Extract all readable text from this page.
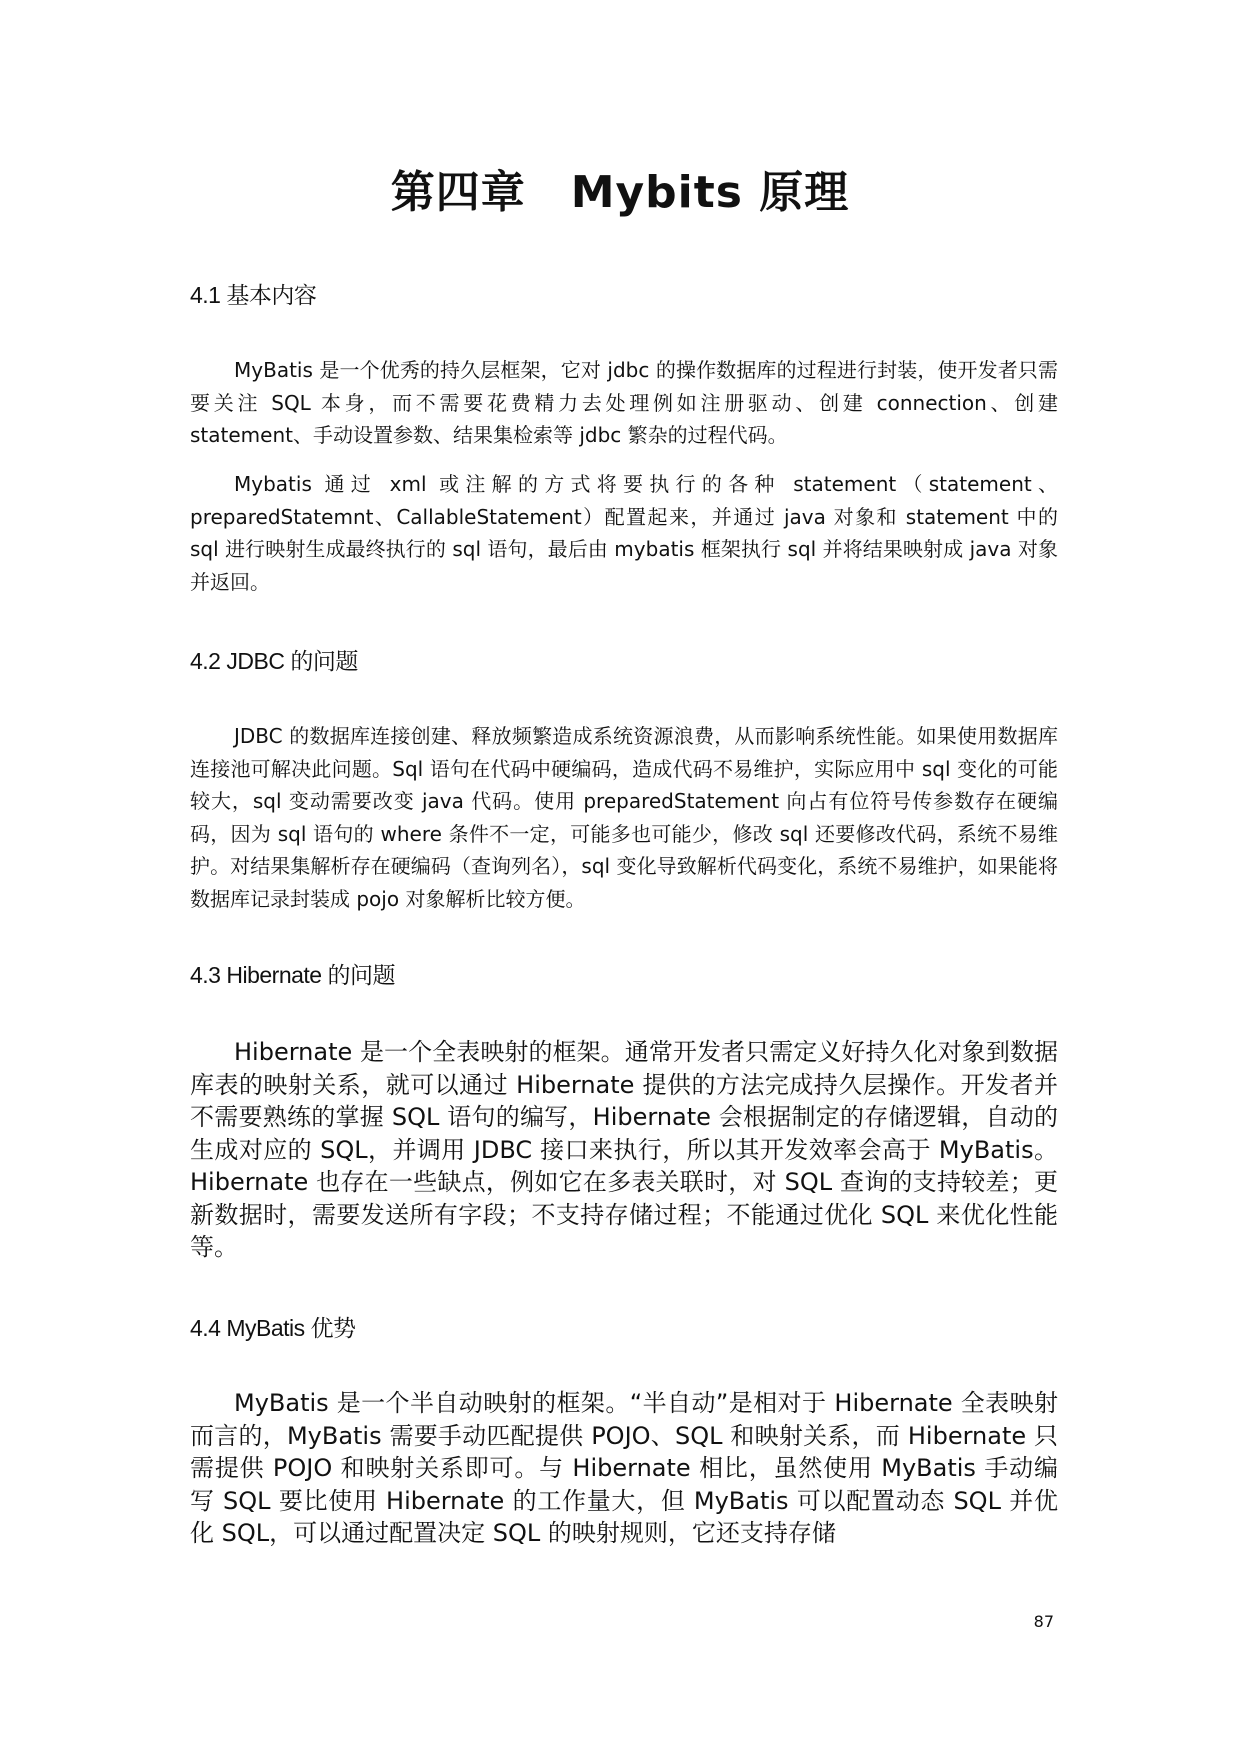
第四章　Mybits 原理
4.1 基本内容

MyBatis 是一个优秀的持久层框架，它对 jdbc 的操作数据库的过程进行封装，使开发者只需要关注 SQL 本身，而不需要花费精力去处理例如注册驱动、创建 connection、创建 statement、手动设置参数、结果集检索等 jdbc 繁杂的过程代码。

Mybatis 通过 xml 或注解的方式将要执行的各种 statement（statement、preparedStatemnt、CallableStatement）配置起来，并通过 java 对象和 statement 中的 sql 进行映射生成最终执行的 sql 语句，最后由 mybatis 框架执行 sql 并将结果映射成 java 对象并返回。

4.2 JDBC 的问题

JDBC 的数据库连接创建、释放频繁造成系统资源浪费，从而影响系统性能。如果使用数据库连接池可解决此问题。Sql 语句在代码中硬编码，造成代码不易维护，实际应用中 sql 变化的可能较大，sql 变动需要改变 java 代码。使用 preparedStatement 向占有位符号传参数存在硬编码，因为 sql 语句的 where 条件不一定，可能多也可能少，修改 sql 还要修改代码，系统不易维护。对结果集解析存在硬编码（查询列名），sql 变化导致解析代码变化，系统不易维护，如果能将数据库记录封装成 pojo 对象解析比较方便。

4.3 Hibernate 的问题

Hibernate 是一个全表映射的框架。通常开发者只需定义好持久化对象到数据库表的映射关系，就可以通过 Hibernate 提供的方法完成持久层操作。开发者并不需要熟练的掌握 SQL 语句的编写，Hibernate 会根据制定的存储逻辑，自动的生成对应的 SQL，并调用 JDBC 接口来执行，所以其开发效率会高于 MyBatis。Hibernate 也存在一些缺点，例如它在多表关联时，对 SQL 查询的支持较差；更新数据时，需要发送所有字段；不支持存储过程；不能通过优化 SQL 来优化性能等。

4.4 MyBatis 优势

MyBatis 是一个半自动映射的框架。“半自动”是相对于 Hibernate 全表映射而言的，MyBatis 需要手动匹配提供 POJO、SQL 和映射关系，而 Hibernate 只需提供 POJO 和映射关系即可。与 Hibernate 相比，虽然使用 MyBatis 手动编写 SQL 要比使用 Hibernate 的工作量大，但 MyBatis 可以配置动态 SQL 并优化 SQL，可以通过配置决定 SQL 的映射规则，它还支持存储

87
